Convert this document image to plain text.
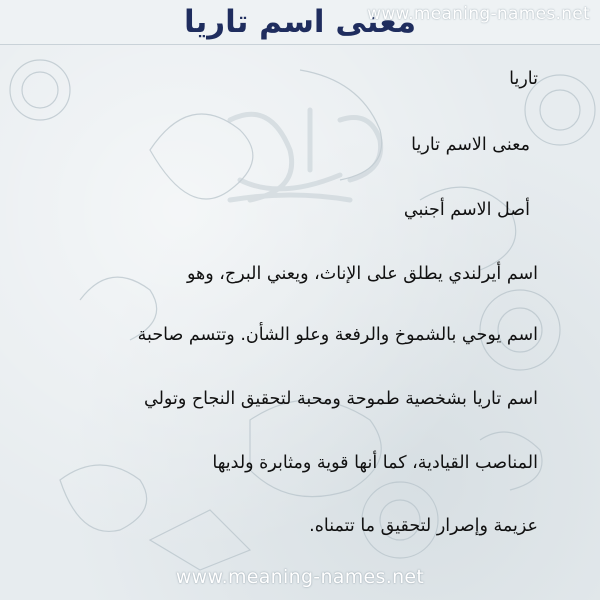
معنى اسم تاريا
www.meaning-names.net

تاريا

معنى الاسم تاريا

أصل الاسم أجنبي

اسم أيرلندي يطلق على الإناث، ويعني البرج، وهو

اسم يوحي بالشموخ والرفعة وعلو الشأن. وتتسم صاحبة

اسم تاريا بشخصية طموحة ومحبة لتحقيق النجاح وتولي

المناصب القيادية، كما أنها قوية ومثابرة ولديها

عزيمة وإصرار لتحقيق ما تتمناه.

www.meaning-names.net
